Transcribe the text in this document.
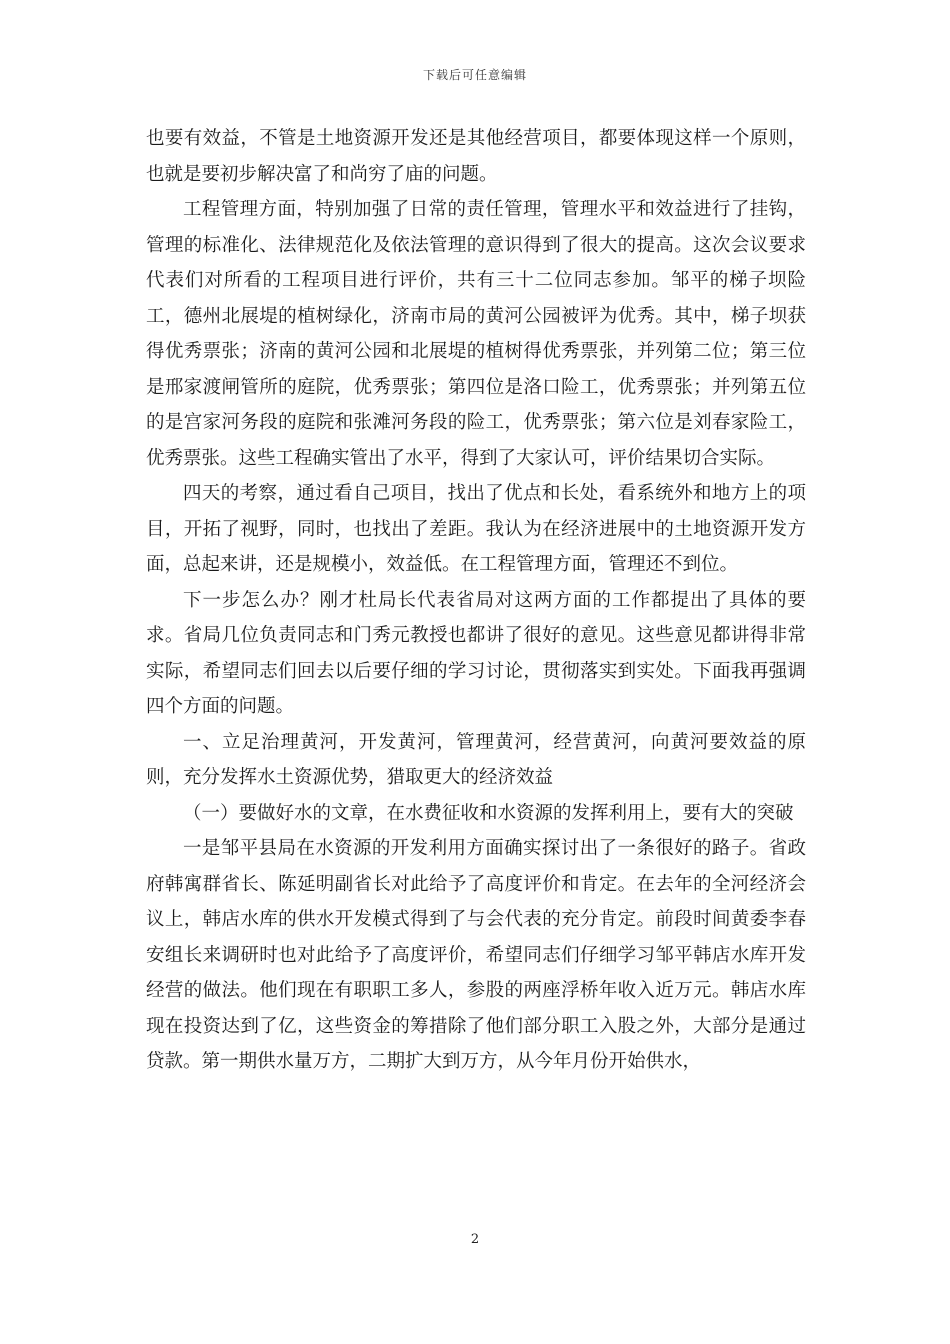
下载后可任意编辑

也要有效益，不管是土地资源开发还是其他经营项目，都要体现这样一个原则，也就是要初步解决富了和尚穷了庙的问题。

工程管理方面，特别加强了日常的责任管理，管理水平和效益进行了挂钩，管理的标准化、法律规范化及依法管理的意识得到了很大的提高。这次会议要求代表们对所看的工程项目进行评价，共有三十二位同志参加。邹平的梯子坝险工，德州北展堤的植树绿化，济南市局的黄河公园被评为优秀。其中，梯子坝获得优秀票张；济南的黄河公园和北展堤的植树得优秀票张，并列第二位；第三位是邢家渡闸管所的庭院，优秀票张；第四位是洛口险工，优秀票张；并列第五位的是宫家河务段的庭院和张滩河务段的险工，优秀票张；第六位是刘春家险工，优秀票张。这些工程确实管出了水平，得到了大家认可，评价结果切合实际。

四天的考察，通过看自己项目，找出了优点和长处，看系统外和地方上的项目，开拓了视野，同时，也找出了差距。我认为在经济进展中的土地资源开发方面，总起来讲，还是规模小，效益低。在工程管理方面，管理还不到位。

下一步怎么办？刚才杜局长代表省局对这两方面的工作都提出了具体的要求。省局几位负责同志和门秀元教授也都讲了很好的意见。这些意见都讲得非常实际，希望同志们回去以后要仔细的学习讨论，贯彻落实到实处。下面我再强调四个方面的问题。

一、立足治理黄河，开发黄河，管理黄河，经营黄河，向黄河要效益的原则，充分发挥水土资源优势，猎取更大的经济效益

（一）要做好水的文章，在水费征收和水资源的发挥利用上，要有大的突破

一是邹平县局在水资源的开发利用方面确实探讨出了一条很好的路子。省政府韩寓群省长、陈延明副省长对此给予了高度评价和肯定。在去年的全河经济会议上，韩店水库的供水开发模式得到了与会代表的充分肯定。前段时间黄委李春安组长来调研时也对此给予了高度评价，希望同志们仔细学习邹平韩店水库开发经营的做法。他们现在有职职工多人，参股的两座浮桥年收入近万元。韩店水库现在投资达到了亿，这些资金的筹措除了他们部分职工入股之外，大部分是通过贷款。第一期供水量万方，二期扩大到万方，从今年月份开始供水，

2
